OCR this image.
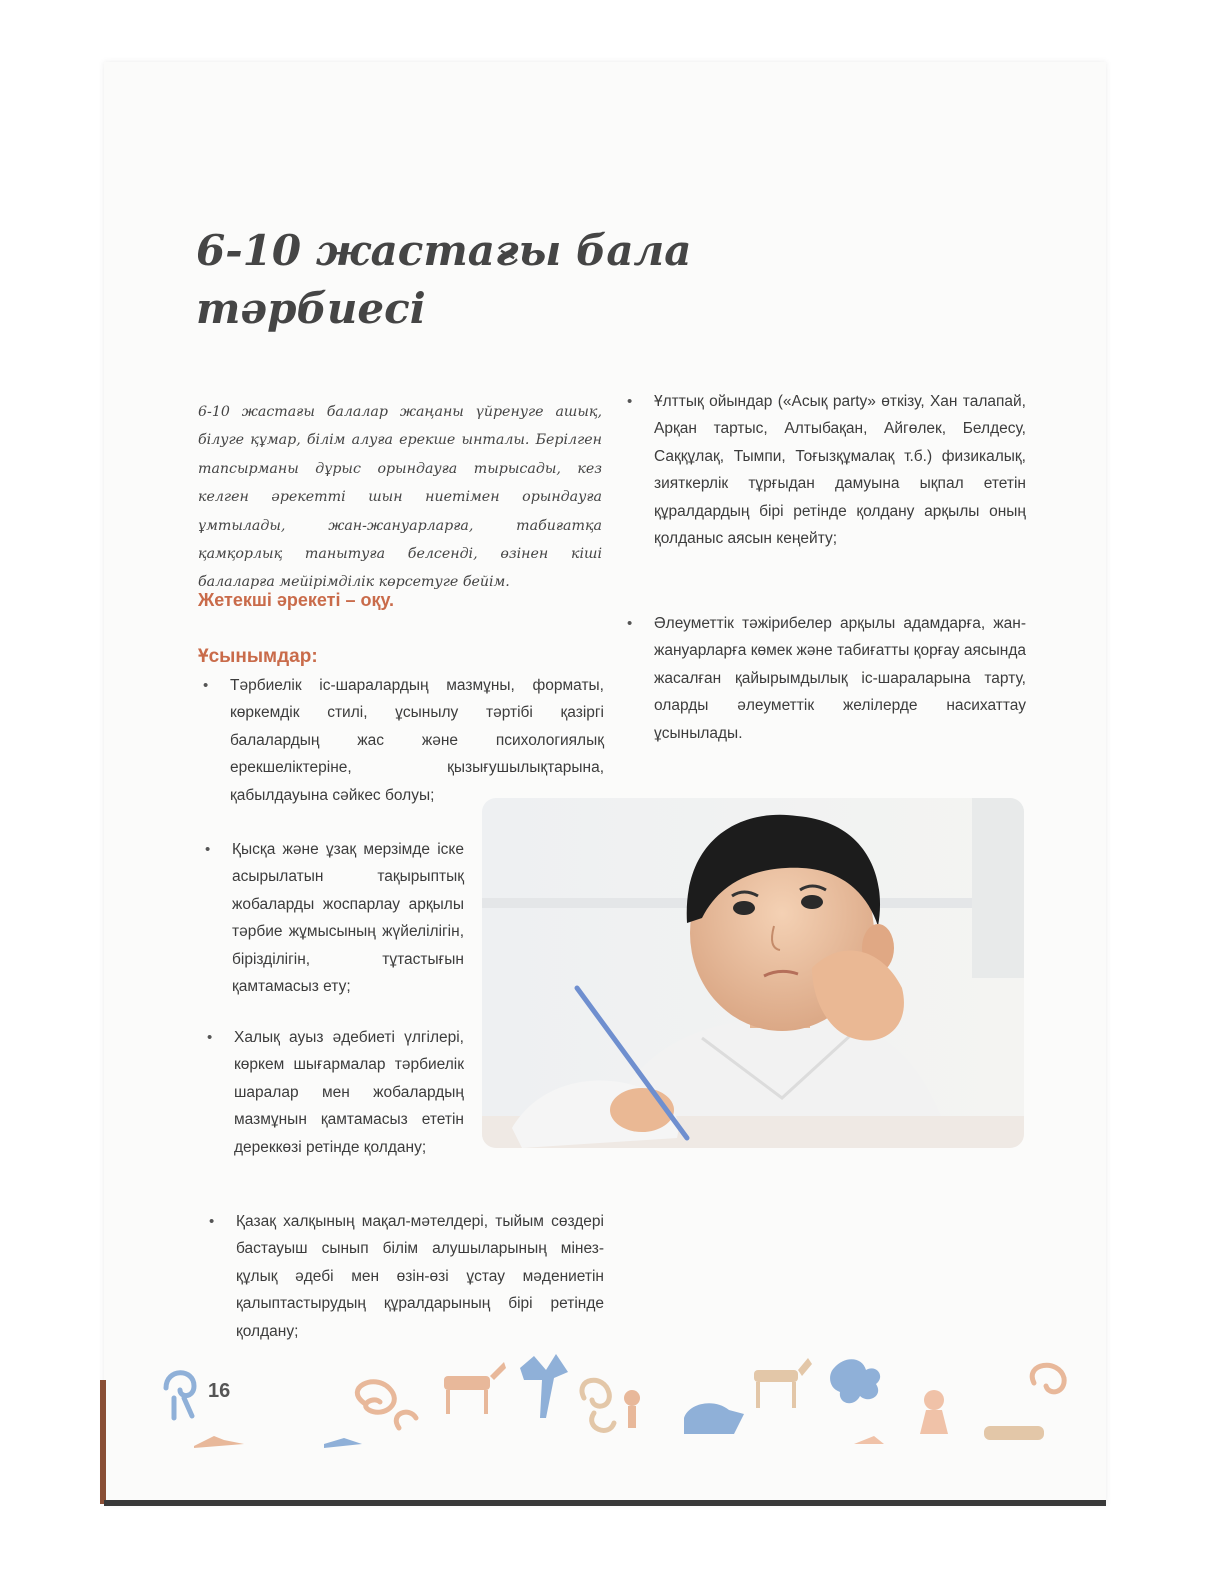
6-10 жастағы бала
тәрбиесі

6-10 жастағы балалар жаңаны үйренуге ашық, білуге құмар, білім алуға ерекше ынталы. Берілген тапсырманы дұрыс орындауға тырысады, кез келген әрекетті шын ниетімен орындауға ұмтылады, жан-жануарларға, табиғатқа қамқорлық танытуға белсенді, өзінен кіші балаларға мейірімділік көрсетуге бейім.

Жетекші әрекеті – оқу.
Ұсынымдар:

• Тәрбиелік іс-шаралардың мазмұны, форматы, көркемдік стилі, ұсынылу тәртібі қазіргі балалардың жас және психологиялық ерекшеліктеріне, қызығушылықтарына, қабылдауына сәйкес болуы;

• Қысқа және ұзақ мерзімде іске асырылатын тақырыптық жобаларды жоспарлау арқылы тәрбие жұмысының жүйелілігін, бірізділігін, тұтастығын қамтамасыз ету;

• Халық ауыз әдебиеті үлгілері, көркем шығармалар тәрбиелік шаралар мен жобалардың мазмұнын қамтамасыз ететін дереккөзі ретінде қолдану;

• Қазақ халқының мақал-мәтелдері, тыйым сөздері бастауыш сынып білім алушыларының мінез-құлық әдебі мен өзін-өзі ұстау мәдениетін қалыптастырудың құралдарының бірі ретінде қолдану;

• Ұлттық ойындар («Асық party» өткізу, Хан талапай, Арқан тартыс, Алтыбақан, Айгөлек, Белдесу, Саққұлақ, Тымпи, Тоғызқұмалақ т.б.) физикалық, зияткерлік тұрғыдан дамуына ықпал ететін құралдардың бірі ретінде қолдану арқылы оның қолданыс аясын кеңейту;

• Әлеуметтік тәжірибелер арқылы адамдарға, жан-жануарларға көмек және табиғатты қорғау аясында жасалған қайырымдылық іс-шараларына тарту, оларды әлеуметтік желілерде насихаттау ұсынылады.

16
